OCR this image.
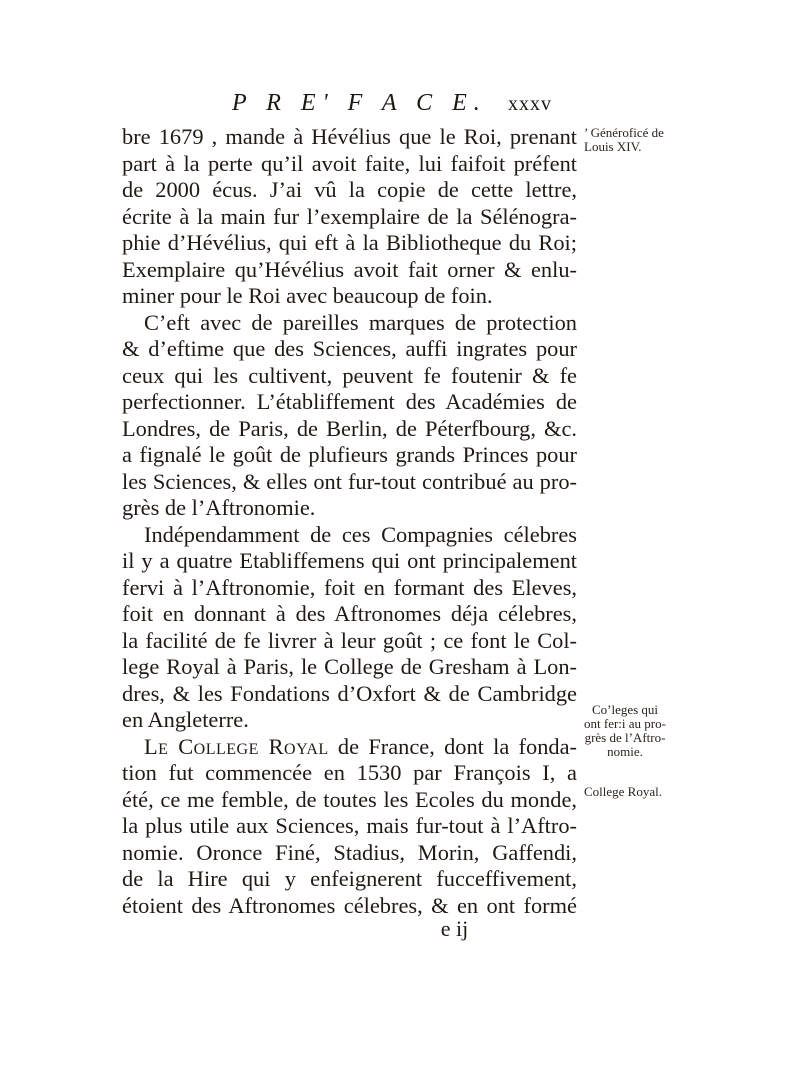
P R E' F A C E. xxxv
bre 1679 , mande à Hévélius que le Roi, prenant
part à la perte qu’il avoit faite, lui faifoit préfent
de 2000 écus. J’ai vû la copie de cette lettre,
écrite à la main fur l’exemplaire de la Sélénogra-
phie d’Hévélius, qui eft à la Bibliotheque du Roi;
Exemplaire qu’Hévélius avoit fait orner & enlu-
miner pour le Roi avec beaucoup de foin.
C’eft avec de pareilles marques de protection
& d’eftime que des Sciences, auffi ingrates pour
ceux qui les cultivent, peuvent fe foutenir & fe
perfectionner. L’établiffement des Académies de
Londres, de Paris, de Berlin, de Péterfbourg, &c.
a fignalé le goût de plufieurs grands Princes pour
les Sciences, & elles ont fur-tout contribué au pro-
grès de l’Aftronomie.
Indépendamment de ces Compagnies célebres
il y a quatre Etabliffemens qui ont principalement
fervi à l’Aftronomie, foit en formant des Eleves,
foit en donnant à des Aftronomes déja célebres,
la facilité de fe livrer à leur goût ; ce font le Col-
lege Royal à Paris, le College de Gresham à Lon-
dres, & les Fondations d’Oxfort & de Cambridge
en Angleterre.
Le College Royal de France, dont la fonda-
tion fut commencée en 1530 par François I, a
été, ce me femble, de toutes les Ecoles du monde,
la plus utile aux Sciences, mais fur-tout à l’Aftro-
nomie. Oronce Finé, Stadius, Morin, Gaffendi,
de la Hire qui y enfeignerent fucceffivement,
étoient des Aftronomes célebres, & en ont formé
’ Généroficé de
Louis XIV.
Co’leges qui
ont fer:i au pro-
grès de l’Aftro-
nomie.
College Royal.
e ij
